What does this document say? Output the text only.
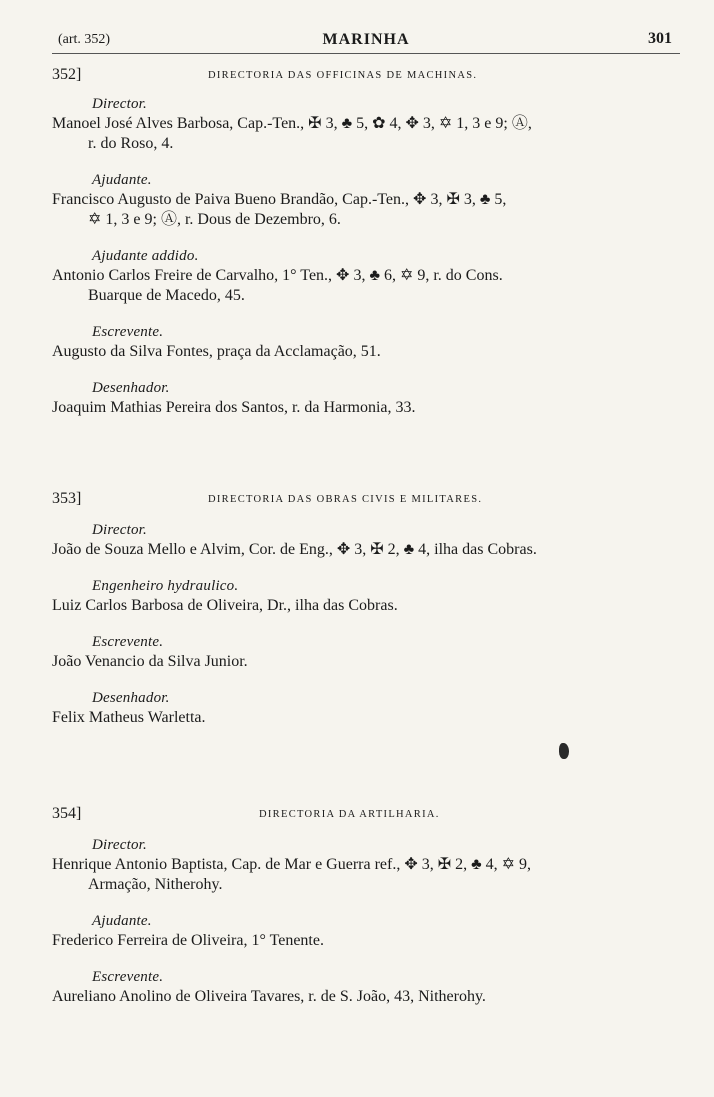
(art. 352)	MARINHA	301
352]	DIRECTORIA DAS OFFICINAS DE MACHINAS.
Director.

Manoel José Alves Barbosa, Cap.-Ten., ✠ 3, ♣ 5, ✿ 4, ✥ 3, ✡ 1, 3 e 9; Ⓐ,
r. do Roso, 4.

Ajudante.

Francisco Augusto de Paiva Bueno Brandão, Cap.-Ten., ✥ 3, ✠ 3, ♣ 5,
✡ 1, 3 e 9; Ⓐ, r. Dous de Dezembro, 6.

Ajudante addido.

Antonio Carlos Freire de Carvalho, 1° Ten., ✥ 3, ♣ 6, ✡ 9, r. do Cons.
Buarque de Macedo, 45.

Escrevente.

Augusto da Silva Fontes, praça da Acclamação, 51.

Desenhador.

Joaquim Mathias Pereira dos Santos, r. da Harmonia, 33.

353]	DIRECTORIA DAS OBRAS CIVIS E MILITARES.
Director.

João de Souza Mello e Alvim, Cor. de Eng., ✥ 3, ✠ 2, ♣ 4, ilha das Cobras.

Engenheiro hydraulico.

Luiz Carlos Barbosa de Oliveira, Dr., ilha das Cobras.

Escrevente.

João Venancio da Silva Junior.

Desenhador.

Felix Matheus Warletta.

354]	DIRECTORIA DA ARTILHARIA.
Director.

Henrique Antonio Baptista, Cap. de Mar e Guerra ref., ✥ 3, ✠ 2, ♣ 4, ✡ 9,
Armação, Nitherohy.

Ajudante.

Frederico Ferreira de Oliveira, 1° Tenente.

Escrevente.

Aureliano Anolino de Oliveira Tavares, r. de S. João, 43, Nitherohy.
